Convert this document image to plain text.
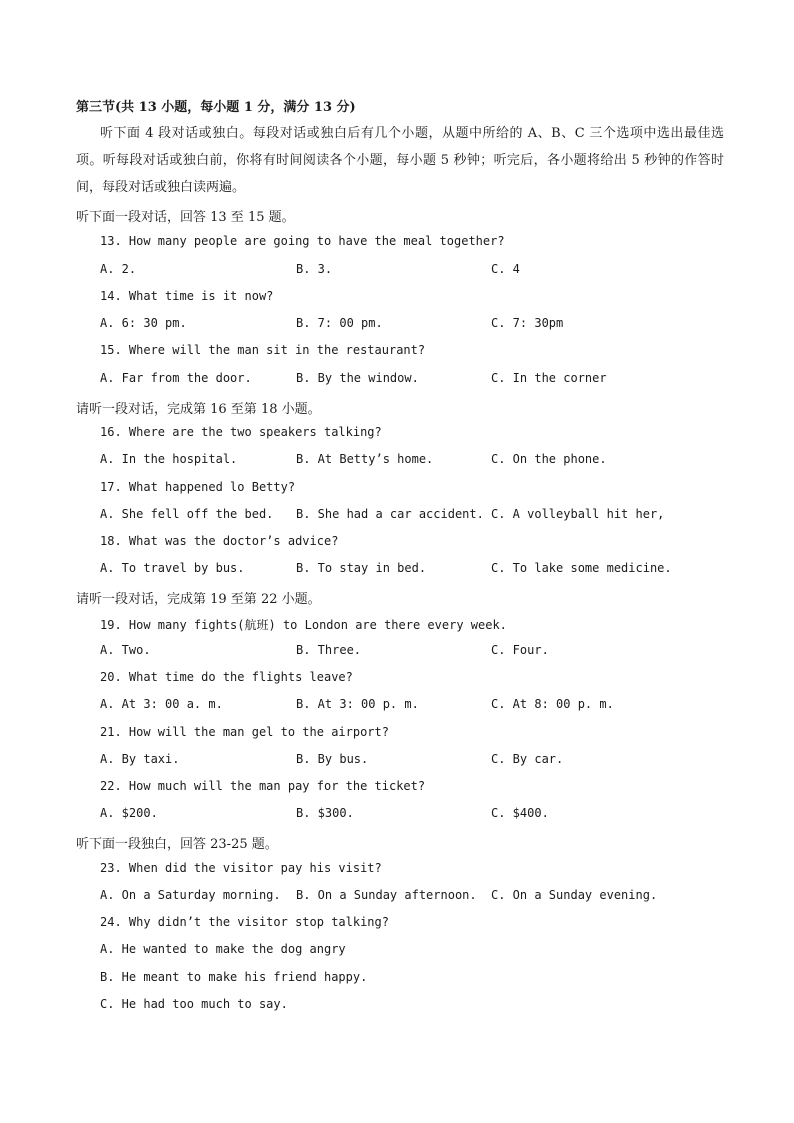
第三节(共 13 小题，每小题 1 分，满分 13 分)
听下面 4 段对话或独白。每段对话或独白后有几个小题，从题中所给的 A、B、C 三个选项中选出最佳选项。听每段对话或独白前，你将有时间阅读各个小题，每小题 5 秒钟；听完后，各小题将给出 5 秒钟的作答时间，每段对话或独白读两遍。
听下面一段对话，回答 13 至 15 题。
13. How many people are going to have the meal together?
A. 2.	B. 3.	C. 4
14. What time is it now?
A. 6: 30 pm.	B. 7: 00 pm.	C. 7: 30pm
15. Where will the man sit in the restaurant?
A. Far from the door.	B. By the window.	C. In the corner
请听一段对话，完成第 16 至第 18 小题。
16. Where are the two speakers talking?
A. In the hospital.	B. At Betty’s home.	C. On the phone.
17. What happened lo Betty?
A. She fell off the bed. B. She had a car accident. C. A volleyball hit her,
18. What was the doctor’s advice?
A. To travel by bus.	B. To stay in bed.	C. To lake some medicine.
请听一段对话，完成第 19 至第 22 小题。
19. How many fights(航班) to London are there every week.
A. Two.	B. Three.	C. Four.
20. What time do the flights leave?
A. At 3: 00 a. m.	B. At 3: 00 p. m.	C. At 8: 00 p. m.
21. How will the man gel to the airport?
A. By taxi.	B. By bus.	C. By car.
22. How much will the man pay for the ticket?
A. $200.	B. $300.	C. $400.
听下面一段独白，回答 23-25 题。
23. When did the visitor pay his visit?
A. On a Saturday morning. B. On a Sunday afternoon. C. On a Sunday evening.
24. Why didn’t the visitor stop talking?
A. He wanted to make the dog angry
B. He meant to make his friend happy.
C. He had too much to say.
